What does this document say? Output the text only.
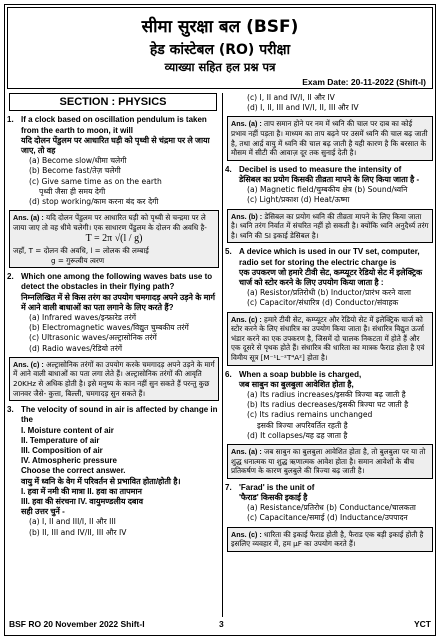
सीमा सुरक्षा बल (BSF)
हेड कांस्टेबल (RO) परीक्षा
व्याख्या सहित हल प्रश्न पत्र
Exam Date: 20-11-2022 (Shift-I)
SECTION : PHYSICS
1. If a clock based on oscillation pendulum is taken from the earth to moon, it will
यदि दोलन पेंडुलम पर आधारित घड़ी को पृथ्वी से चंद्रमा पर ले जाया जाए, तो वह
(a) Become slow/धीमा चलेगी
(b) Become fast/तेज़ चलेगी
(c) Give same time as on the earth
पृथ्वी जैसा ही समय देगी
(d) stop working/काम करना बंद कर देगी
Ans. (a) : यदि दोलन पेंडुलम पर आधारित घड़ी को पृथ्वी से चन्द्रमा पर ले जाया जाए तो वह धीमे चलेगी। एक साधारण पेंडुलम के दोलन की अवधि है-
T = 2π √(l / g)
जहाँ, T = दोलन की अवधि, l = लोलक की लम्बाई
g = गुरूत्वीय त्वरण
2. Which one among the following waves bats use to detect the obstacles in their flying path?
निम्नलिखित में से किस तरंग का उपयोग चमगादड़ अपने उड़ने के मार्ग में आने वाली बाधाओं का पता लगाने के लिए करते हैं?
(a) Infrared waves/इन्फ्रारेड तरंगें
(b) Electromagnetic waves/विद्युत चुम्बकीय तरंगें
(c) Ultrasonic waves/अल्ट्रासोनिक तरंगें
(d) Radio waves/रेडियो तरंगें
Ans. (c) : अल्ट्रासोनिक तरंगों का उपयोग करके चमगादड़ अपने उड़ने के मार्ग में आने वाली बाधाओं का पता लगा लेते हैं। अल्ट्रासोनिक तरंगों की आवृति 20KHz से अधिक होती है। इसे मनुष्य के कान नहीं सुन सकते हैं परन्तु कुछ जानवर जैसे- कुत्ता, बिल्ली, चमगादड़ सुन सकते हैं।
3. The velocity of sound in air is affected by change in the
I. Moisture content of air
II. Temperature of air
III. Composition of air
IV. Atmospheric pressure
Choose the correct answer.
वायु में ध्वनि के वेग में परिवर्तन से प्रभावित होता/होती है।
I. हवा में नमी की मात्रा II. हवा का तापमान
III. हवा की संरचना IV. वायुमण्डलीय दबाव
सही उत्तर चुनें -
(a) I, II and III/I, II और III
(b) II, III and IV/II, III और IV
(c) I, II and IV/I, II और IV
(d) I, II, III and IV/I, II, III और IV
Ans. (a) : ताप समान होने पर नम में ध्वनि की चाल पर दाब का कोई प्रभाव नहीं पड़ता है। माध्यम का ताप बढ़ने पर उसमें ध्वनि की चाल बढ़ जाती है, तथा आर्द्र वायु में ध्वनि की चाल बढ़ जाती है यही कारण है कि बरसात के मौसम में सीटी की आवाज़ दूर तक सुनाई देती है।
4. Decibel is used to measure the intensity of
डेसिबल का प्रयोग किसकी तीव्रता मापने के लिए किया जाता है -
(a) Magnetic field/चुम्बकीय क्षेत्र (b) Sound/ध्वनि
(c) Light/प्रकाश (d) Heat/ऊष्मा
Ans. (b) : डेसिबल का प्रयोग ध्वनि की तीव्रता मापने के लिए किया जाता है। ध्वनि तरंग निर्वात में संचरित नहीं हो सकती है। क्योंकि ध्वनि अनुदैर्ध्य तरंग है। ध्वनि की SI इकाई डेसिबल है।
5. A device which is used in our TV set, computer, radio set for storing the electric charge is
एक उपकरण जो हमारे टीवी सेट, कम्प्यूटर रेडियो सेट में इलेक्ट्रिक चार्ज को स्टोर करने के लिए उपयोग किया जाता है :
(a) Resistor/प्रतिरोधी (b) Inductor/प्रारंभ करने वाला
(c) Capacitor/संधारित्र (d) Conductor/संवाहक
Ans. (c) : हमारे टीवी सेट, कम्प्यूटर और रेडियो सेट में इलेक्ट्रिक चार्ज को स्टोर करने के लिए संधारित्र का उपयोग किया जाता है। संधारित्र विद्युत ऊर्जा भंडार करने का एक उपकरण है, जिसमें दो चालक निकटता में होते हैं और एक दूसरे से पृथक होते हैं। संधारित्र की धारिता का मात्रक फैराड होता है एवं विमीय सूत्र [M⁻¹L⁻²T⁴A²] होता है।
6. When a soap bubble is charged,
जब साबुन का बुलबुला आवेशित होता है,
(a) Its radius increases/इसकी त्रिज्या बढ़ जाती है
(b) Its radius decreases/इसकी त्रिज्या घट जाती है
(c) Its radius remains unchanged
इसकी त्रिज्या अपरिवर्तित रहती है
(d) It collapses/यह ढह जाता है
Ans. (a) : जब साबुन का बुलबुला आवेशित होता है, तो बुलबुला पर या तो शुद्ध धनात्मक या शुद्ध ऋणात्मक आवेश होता है। समान आवेशों के बीच प्रतिकर्षण के कारण बुलबुले की त्रिज्या बढ़ जाती है।
7. 'Farad' is the unit of
'फैराड' किसकी इकाई है
(a) Resistance/प्रतिरोध (b) Conductance/चालकता
(c) Capacitance/समाई (d) Inductance/उपपादन
Ans. (c) : धारिता की इकाई फैराड होती है, फैराड एक बड़ी इकाई होती है इसलिए व्यवहार में, हम μF का उपयोग करते हैं।
BSF RO 20 November 2022 Shift-I	3	YCT
